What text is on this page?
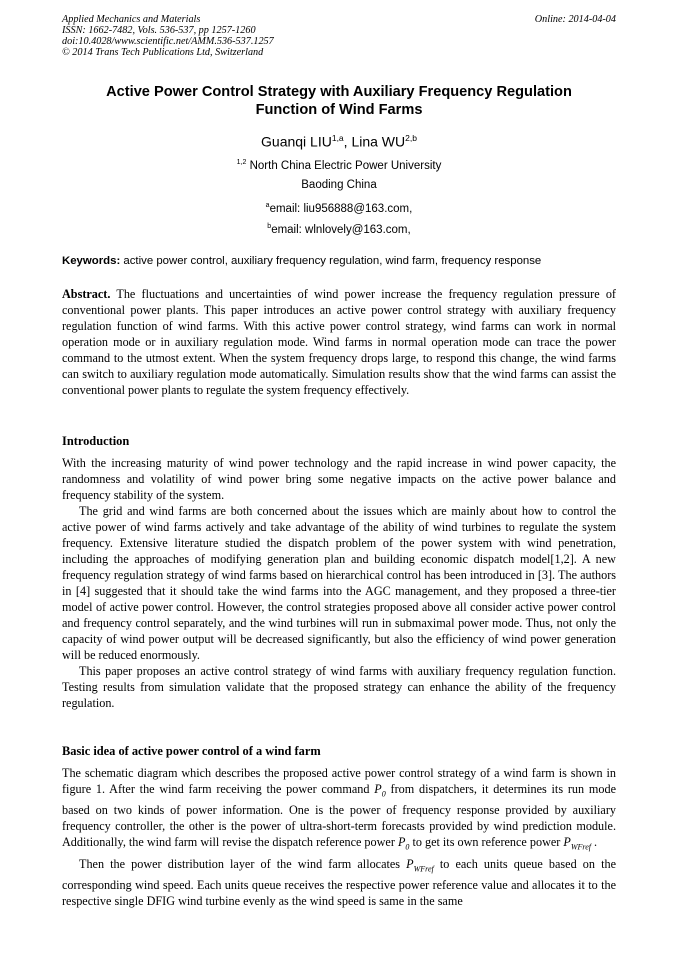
Applied Mechanics and Materials
ISSN: 1662-7482, Vols. 536-537, pp 1257-1260
doi:10.4028/www.scientific.net/AMM.536-537.1257
© 2014 Trans Tech Publications Ltd, Switzerland
Online: 2014-04-04
Active Power Control Strategy with Auxiliary Frequency Regulation
Function of Wind Farms
Guanqi LIU$^{1,a}$, Lina WU$^{2,b}$
$^{1,2}$ North China Electric Power University
Baoding China
$^a$email: liu956888@163.com,
$^b$email: wlnlovely@163.com,
Keywords: active power control, auxiliary frequency regulation, wind farm, frequency response

Abstract. The fluctuations and uncertainties of wind power increase the frequency regulation pressure of conventional power plants. This paper introduces an active power control strategy with auxiliary frequency regulation function of wind farms. With this active power control strategy, wind farms can work in normal operation mode or in auxiliary regulation mode. Wind farms in normal operation mode can trace the power command to the utmost extent. When the system frequency drops large, to respond this change, the wind farms can switch to auxiliary regulation mode automatically. Simulation results show that the wind farms can assist the conventional power plants to regulate the system frequency effectively.

Introduction

With the increasing maturity of wind power technology and the rapid increase in wind power capacity, the randomness and volatility of wind power bring some negative impacts on the active power balance and frequency stability of the system.

The grid and wind farms are both concerned about the issues which are mainly about how to control the active power of wind farms actively and take advantage of the ability of wind turbines to regulate the system frequency. Extensive literature studied the dispatch problem of the power system with wind penetration, including the approaches of modifying generation plan and building economic dispatch model[1,2]. A new frequency regulation strategy of wind farms based on hierarchical control has been introduced in [3]. The authors in [4] suggested that it should take the wind farms into the AGC management, and they proposed a three-tier model of active power control. However, the control strategies proposed above all consider active power control and frequency control separately, and the wind turbines will run in submaximal power mode. Thus, not only the capacity of wind power output will be decreased significantly, but also the efficiency of wind power generation will be reduced enormously.

This paper proposes an active control strategy of wind farms with auxiliary frequency regulation function. Testing results from simulation validate that the proposed strategy can enhance the ability of the frequency regulation.

Basic idea of active power control of a wind farm

The schematic diagram which describes the proposed active power control strategy of a wind farm is shown in figure 1. After the wind farm receiving the power command $P_0$ from dispatchers, it determines its run mode based on two kinds of power information. One is the power of frequency response provided by auxiliary frequency controller, the other is the power of ultra-short-term forecasts provided by wind prediction module. Additionally, the wind farm will revise the dispatch reference power $P_0$ to get its own reference power $P_{WFref}$ .

Then the power distribution layer of the wind farm allocates $P_{WFref}$ to each units queue based on the corresponding wind speed. Each units queue receives the respective power reference value and allocates it to the respective single DFIG wind turbine evenly as the wind speed is same in the same
